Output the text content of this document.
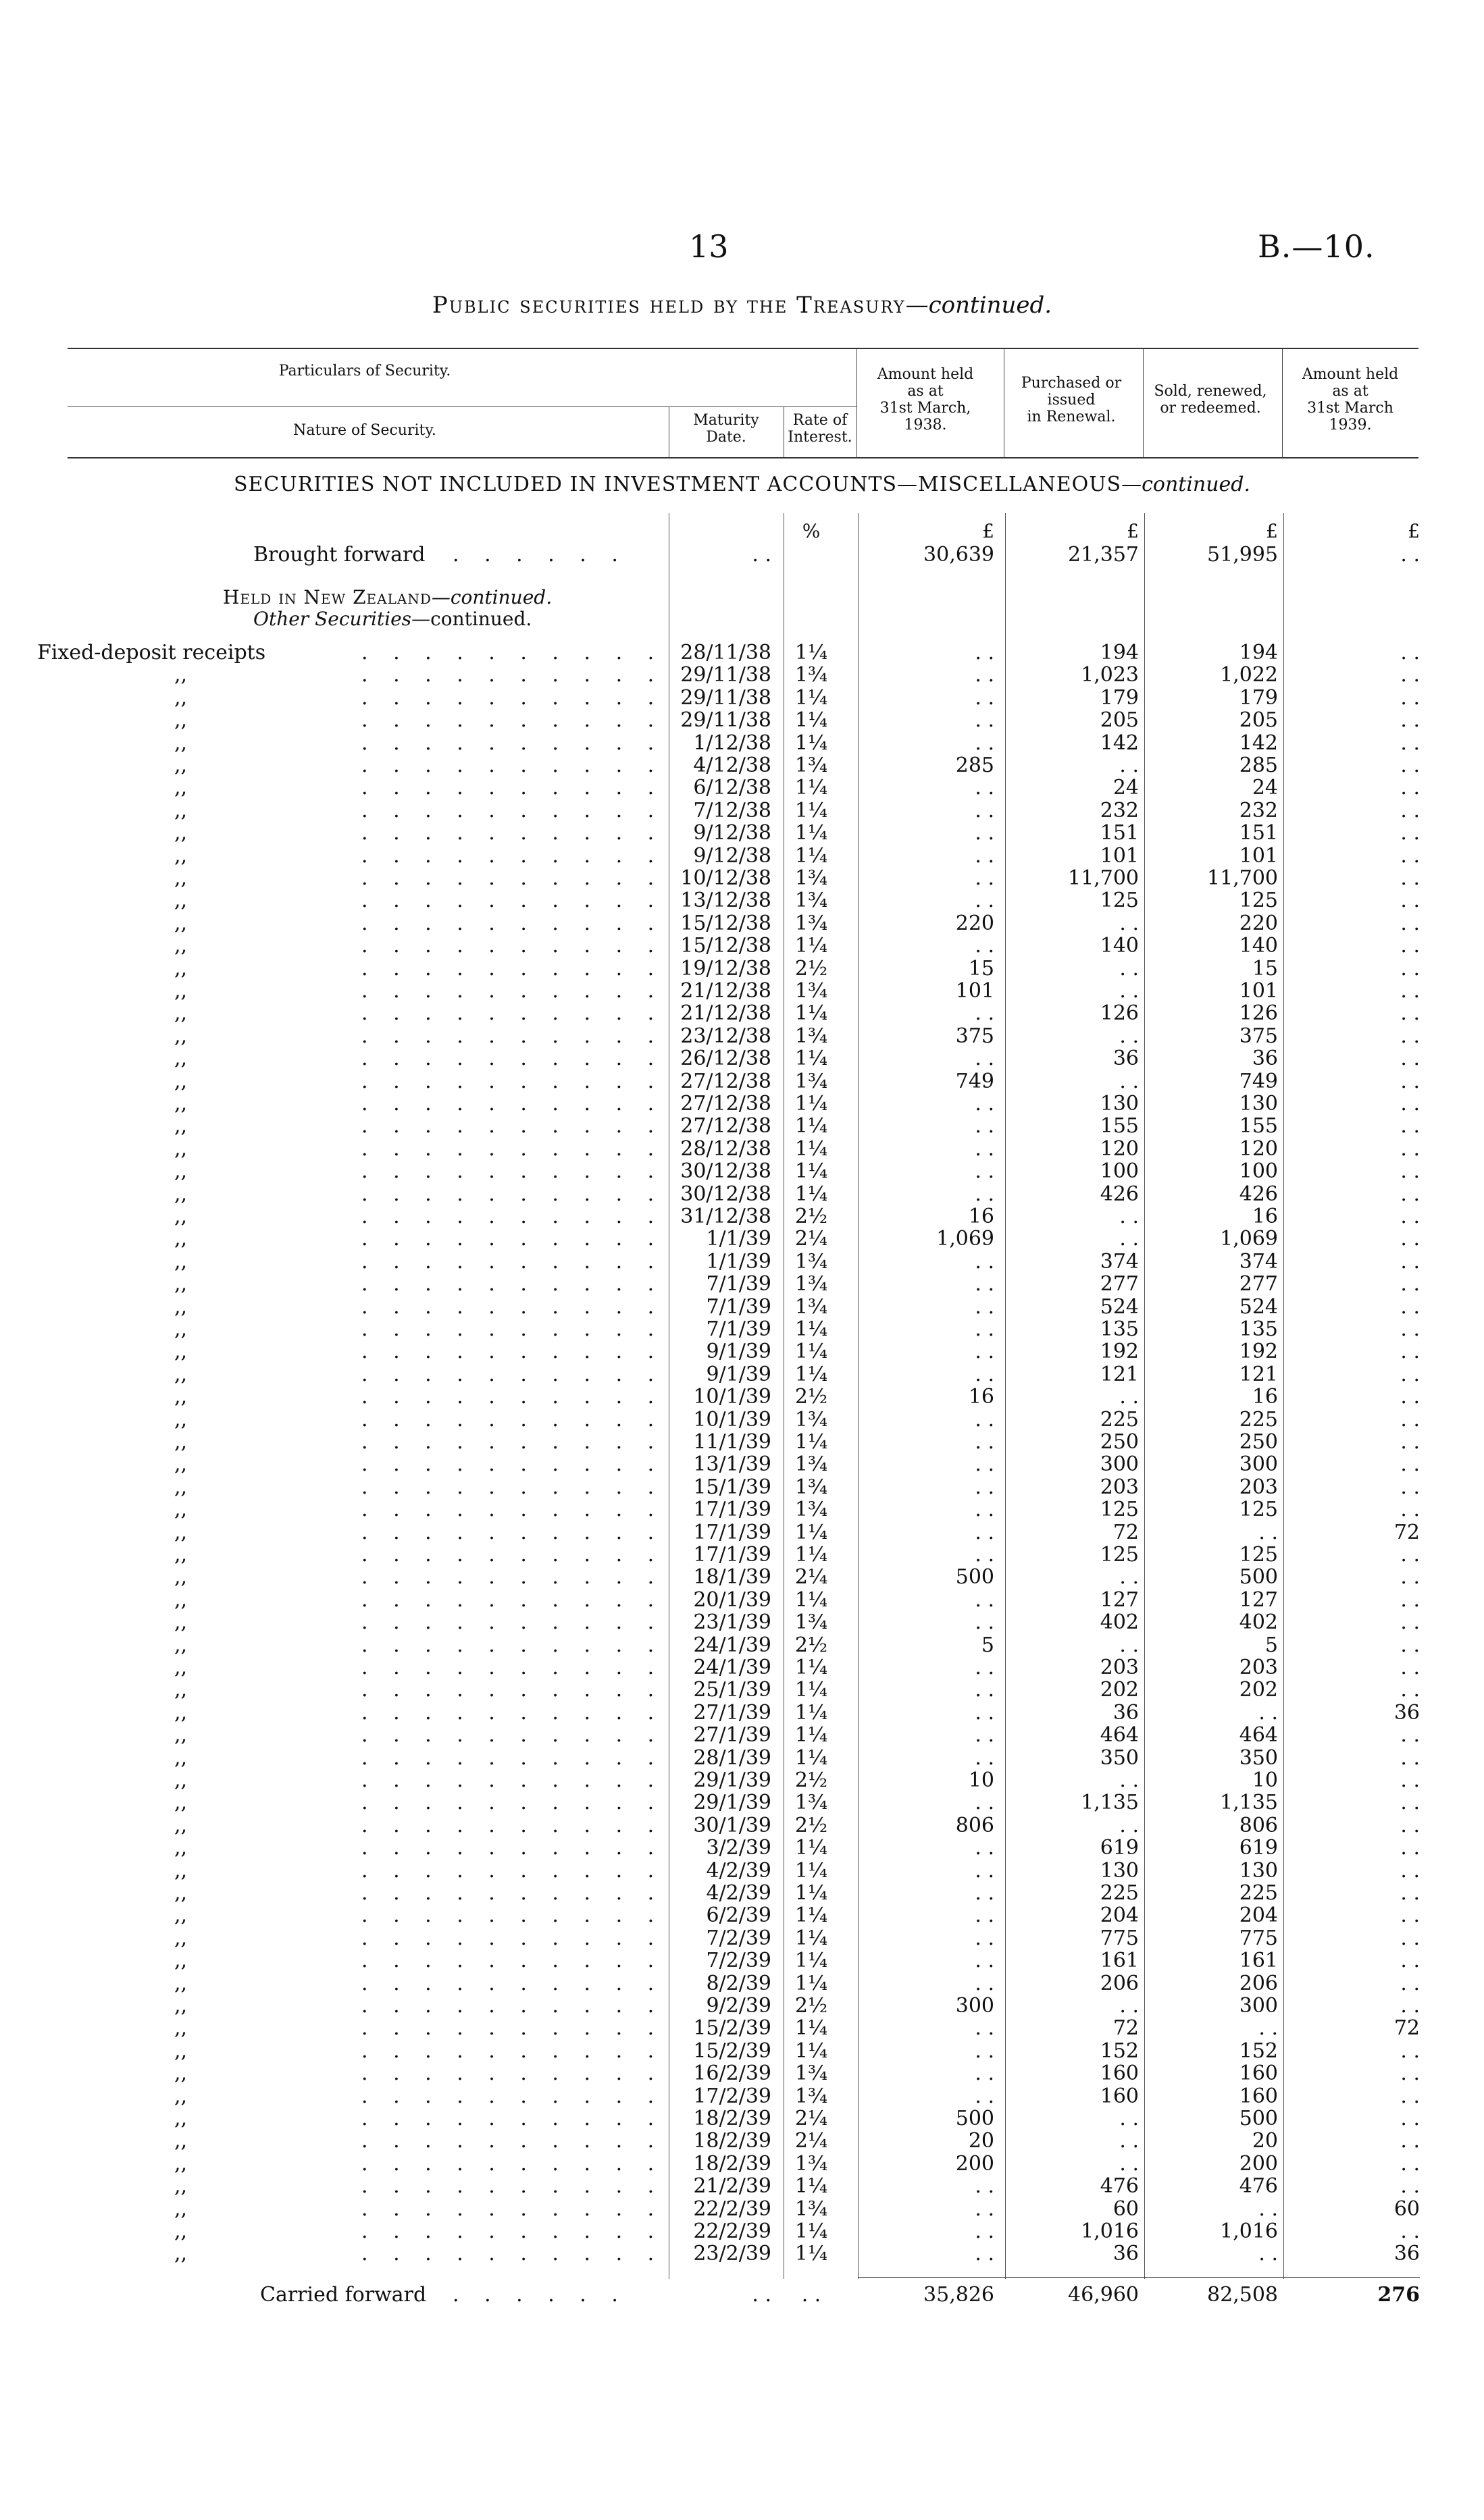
13	B.—10.
Public securities held by the Treasury—continued.
Particulars of Security.
Nature of Security.
Maturity
Date.
Rate of
Interest.
Amount held
as at
31st March,
1938.
Purchased or
issued
in Renewal.
Sold, renewed,
or redeemed.
Amount held
as at
31st March
1939.
SECURITIES NOT INCLUDED IN INVESTMENT ACCOUNTS—MISCELLANEOUS—continued.
%	£	£	£	£
Brought forward . . . . . .	. .	30,639	21,357	51,995	. .
Held in New Zealand—continued.
Other Securities—continued.
Fixed-deposit receipts	. . . . . . . . . . 28/11/38 1¼	. .	194	194	. .
,,	. . . . . . . . . . 29/11/38 1¾	. .	1,023	1,022	. .
,,	. . . . . . . . . . 29/11/38 1¼	. .	179	179	. .
,,	. . . . . . . . . . 29/11/38 1¼	. .	205	205	. .
,,	. . . . . . . . . .	1/12/38 1¼	. .	142	142	. .
,,	. . . . . . . . . .	4/12/38 1¾	285	. .	285	. .
,,	. . . . . . . . . .	6/12/38 1¼	. .	24	24	. .
,,	. . . . . . . . . .	7/12/38 1¼	. .	232	232	. .
,,	. . . . . . . . . .	9/12/38 1¼	. .	151	151	. .
,,	. . . . . . . . . .	9/12/38 1¼	. .	101	101	. .
,,	. . . . . . . . . . 10/12/38 1¾	. .	11,700	11,700	. .
,,	. . . . . . . . . . 13/12/38 1¾	. .	125	125	. .
,,	. . . . . . . . . . 15/12/38 1¾	220	. .	220	. .
,,	. . . . . . . . . . 15/12/38 1¼	. .	140	140	. .
,,	. . . . . . . . . . 19/12/38 2½	15	. .	15	. .
,,	. . . . . . . . . . 21/12/38 1¾	101	. .	101	. .
,,	. . . . . . . . . . 21/12/38 1¼	. .	126	126	. .
,,	. . . . . . . . . . 23/12/38 1¾	375	. .	375	. .
,,	. . . . . . . . . . 26/12/38 1¼	. .	36	36	. .
,,	. . . . . . . . . . 27/12/38 1¾	749	. .	749	. .
,,	. . . . . . . . . . 27/12/38 1¼	. .	130	130	. .
,,	. . . . . . . . . . 27/12/38 1¼	. .	155	155	. .
,,	. . . . . . . . . . 28/12/38 1¼	. .	120	120	. .
,,	. . . . . . . . . . 30/12/38 1¼	. .	100	100	. .
,,	. . . . . . . . . . 30/12/38 1¼	. .	426	426	. .
,,	. . . . . . . . . . 31/12/38 2½	16	. .	16	. .
,,	. . . . . . . . . .	1/1/39 2¼	1,069	. .	1,069	. .
,,	. . . . . . . . . .	1/1/39 1¾	. .	374	374	. .
,,	. . . . . . . . . .	7/1/39 1¾	. .	277	277	. .
,,	. . . . . . . . . .	7/1/39 1¾	. .	524	524	. .
,,	. . . . . . . . . .	7/1/39 1¼	. .	135	135	. .
,,	. . . . . . . . . .	9/1/39 1¼	. .	192	192	. .
,,	. . . . . . . . . .	9/1/39 1¼	. .	121	121	. .
,,	. . . . . . . . . .	10/1/39 2½	16	. .	16	. .
,,	. . . . . . . . . .	10/1/39 1¾	. .	225	225	. .
,,	. . . . . . . . . .	11/1/39 1¼	. .	250	250	. .
,,	. . . . . . . . . .	13/1/39 1¾	. .	300	300	. .
,,	. . . . . . . . . .	15/1/39 1¾	. .	203	203	. .
,,	. . . . . . . . . .	17/1/39 1¾	. .	125	125	. .
,,	. . . . . . . . . .	17/1/39 1¼	. .	72	. .	72
,,	. . . . . . . . . .	17/1/39 1¼	. .	125	125	. .
,,	. . . . . . . . . .	18/1/39 2¼	500	. .	500	. .
,,	. . . . . . . . . .	20/1/39 1¼	. .	127	127	. .
,,	. . . . . . . . . .	23/1/39 1¾	. .	402	402	. .
,,	. . . . . . . . . .	24/1/39 2½	5	. .	5	. .
,,	. . . . . . . . . .	24/1/39 1¼	. .	203	203	. .
,,	. . . . . . . . . .	25/1/39 1¼	. .	202	202	. .
,,	. . . . . . . . . .	27/1/39 1¼	. .	36	. .	36
,,	. . . . . . . . . .	27/1/39 1¼	. .	464	464	. .
,,	. . . . . . . . . .	28/1/39 1¼	. .	350	350	. .
,,	. . . . . . . . . .	29/1/39 2½	10	. .	10	. .
,,	. . . . . . . . . .	29/1/39 1¾	. .	1,135	1,135	. .
,,	. . . . . . . . . .	30/1/39 2½	806	. .	806	. .
,,	. . . . . . . . . .	3/2/39 1¼	. .	619	619	. .
,,	. . . . . . . . . .	4/2/39 1¼	. .	130	130	. .
,,	. . . . . . . . . .	4/2/39 1¼	. .	225	225	. .
,,	. . . . . . . . . .	6/2/39 1¼	. .	204	204	. .
,,	. . . . . . . . . .	7/2/39 1¼	. .	775	775	. .
,,	. . . . . . . . . .	7/2/39 1¼	. .	161	161	. .
,,	. . . . . . . . . .	8/2/39 1¼	. .	206	206	. .
,,	. . . . . . . . . .	9/2/39 2½	300	. .	300	. .
,,	. . . . . . . . . .	15/2/39 1¼	. .	72	. .	72
,,	. . . . . . . . . .	15/2/39 1¼	. .	152	152	. .
,,	. . . . . . . . . .	16/2/39 1¾	. .	160	160	. .
,,	. . . . . . . . . .	17/2/39 1¾	. .	160	160	. .
,,	. . . . . . . . . .	18/2/39 2¼	500	. .	500	. .
,,	. . . . . . . . . .	18/2/39 2¼	20	. .	20	. .
,,	. . . . . . . . . .	18/2/39 1¾	200	. .	200	. .
,,	. . . . . . . . . .	21/2/39 1¼	. .	476	476	. .
,,	. . . . . . . . . .	22/2/39 1¾	. .	60	. .	60
,,	. . . . . . . . . .	22/2/39 1¼	. .	1,016	1,016	. .
,,	. . . . . . . . . .	23/2/39 1¼	. .	36	. .	36
Carried forward . . . . . .	. .	. .	35,826	46,960	82,508	276
